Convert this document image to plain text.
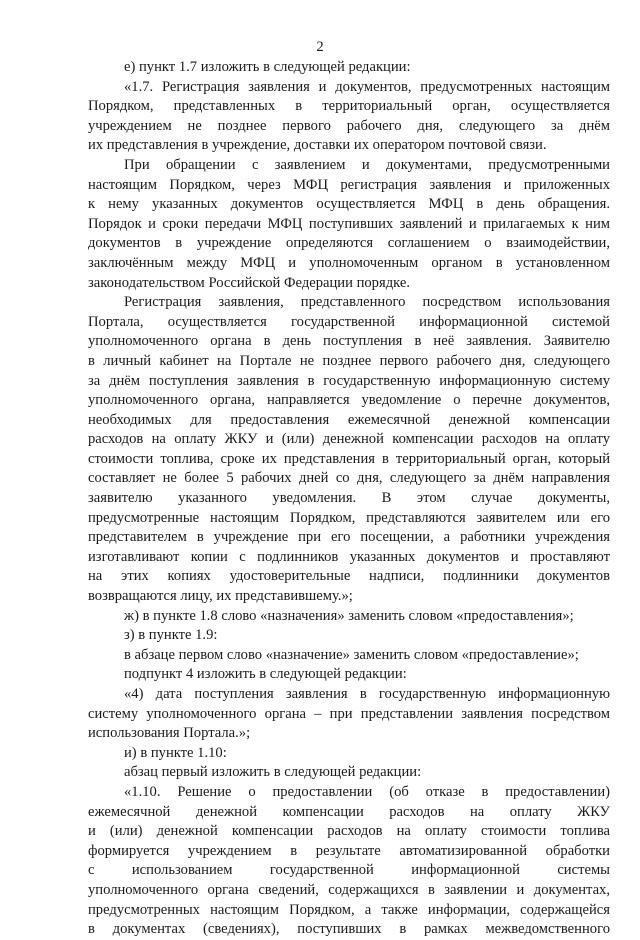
2
е) пункт 1.7 изложить в следующей редакции:
«1.7. Регистрация заявления и документов, предусмотренных настоящим
Порядком, представленных в территориальный орган, осуществляется
учреждением не позднее первого рабочего дня, следующего за днём
их представления в учреждение, доставки их оператором почтовой связи.
При обращении с заявлением и документами, предусмотренными
настоящим Порядком, через МФЦ регистрация заявления и приложенных
к нему указанных документов осуществляется МФЦ в день обращения.
Порядок и сроки передачи МФЦ поступивших заявлений и прилагаемых к ним
документов в учреждение определяются соглашением о взаимодействии,
заключённым между МФЦ и уполномоченным органом в установленном
законодательством Российской Федерации порядке.
Регистрация заявления, представленного посредством использования
Портала, осуществляется государственной информационной системой
уполномоченного органа в день поступления в неё заявления. Заявителю
в личный кабинет на Портале не позднее первого рабочего дня, следующего
за днём поступления заявления в государственную информационную систему
уполномоченного органа, направляется уведомление о перечне документов,
необходимых для предоставления ежемесячной денежной компенсации
расходов на оплату ЖКУ и (или) денежной компенсации расходов на оплату
стоимости топлива, сроке их представления в территориальный орган, который
составляет не более 5 рабочих дней со дня, следующего за днём направления
заявителю указанного уведомления. В этом случае документы,
предусмотренные настоящим Порядком, представляются заявителем или его
представителем в учреждение при его посещении, а работники учреждения
изготавливают копии с подлинников указанных документов и проставляют
на этих копиях удостоверительные надписи, подлинники документов
возвращаются лицу, их представившему.»;
ж) в пункте 1.8 слово «назначения» заменить словом «предоставления»;
з) в пункте 1.9:
в абзаце первом слово «назначение» заменить словом «предоставление»;
подпункт 4 изложить в следующей редакции:
«4) дата поступления заявления в государственную информационную
систему уполномоченного органа – при представлении заявления посредством
использования Портала.»;
и) в пункте 1.10:
абзац первый изложить в следующей редакции:
«1.10. Решение о предоставлении (об отказе в предоставлении)
ежемесячной денежной компенсации расходов на оплату ЖКУ
и (или) денежной компенсации расходов на оплату стоимости топлива
формируется учреждением в результате автоматизированной обработки
с использованием государственной информационной системы
уполномоченного органа сведений, содержащихся в заявлении и документах,
предусмотренных настоящим Порядком, а также информации, содержащейся
в документах (сведениях), поступивших в рамках межведомственного
